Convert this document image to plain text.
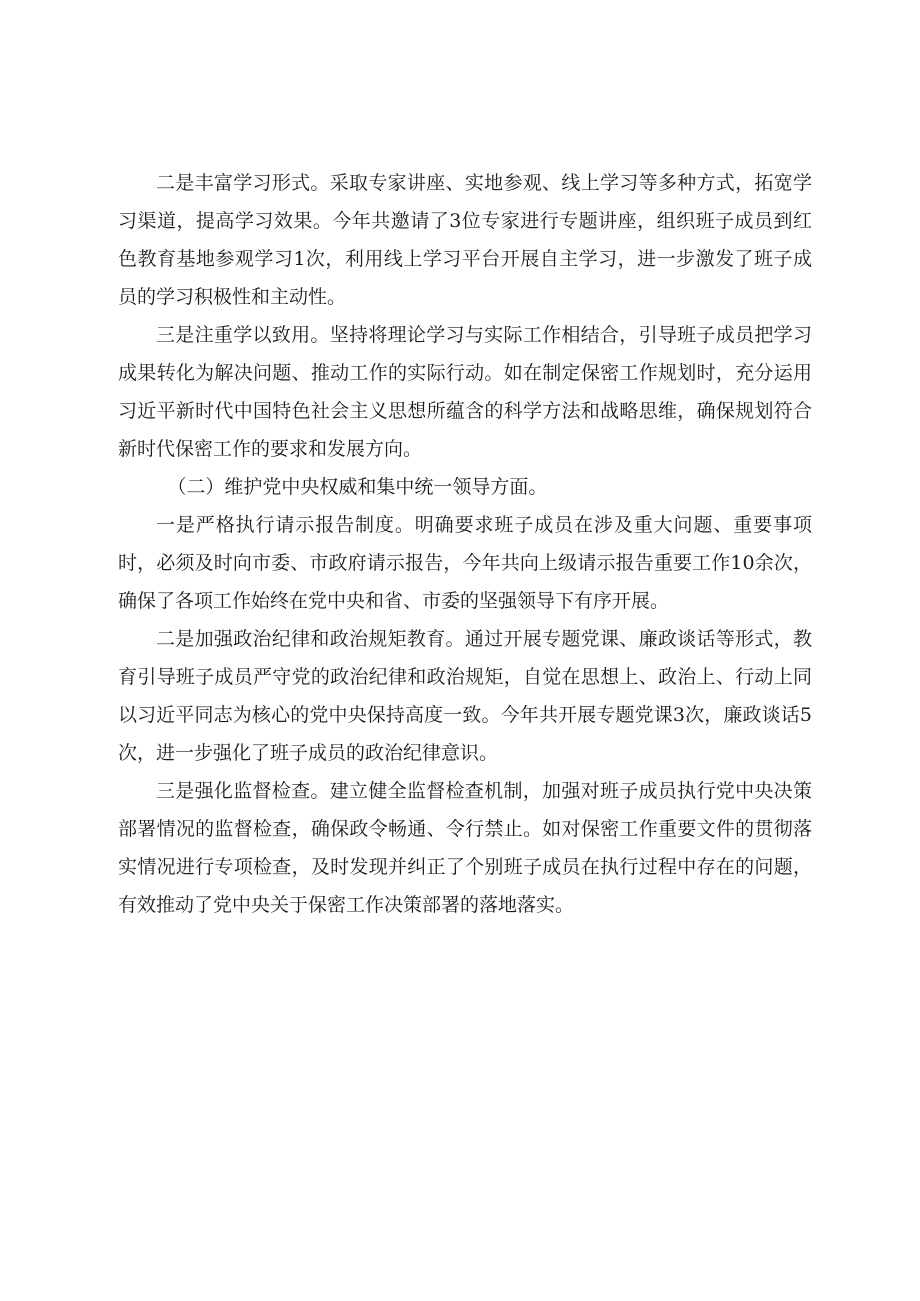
二是丰富学习形式。采取专家讲座、实地参观、线上学习等多种方式，拓宽学习渠道，提高学习效果。今年共邀请了3位专家进行专题讲座，组织班子成员到红色教育基地参观学习1次，利用线上学习平台开展自主学习，进一步激发了班子成员的学习积极性和主动性。

三是注重学以致用。坚持将理论学习与实际工作相结合，引导班子成员把学习成果转化为解决问题、推动工作的实际行动。如在制定保密工作规划时，充分运用习近平新时代中国特色社会主义思想所蕴含的科学方法和战略思维，确保规划符合新时代保密工作的要求和发展方向。

（二）维护党中央权威和集中统一领导方面。

一是严格执行请示报告制度。明确要求班子成员在涉及重大问题、重要事项时，必须及时向市委、市政府请示报告，今年共向上级请示报告重要工作10余次，确保了各项工作始终在党中央和省、市委的坚强领导下有序开展。

二是加强政治纪律和政治规矩教育。通过开展专题党课、廉政谈话等形式，教育引导班子成员严守党的政治纪律和政治规矩，自觉在思想上、政治上、行动上同以习近平同志为核心的党中央保持高度一致。今年共开展专题党课3次，廉政谈话5次，进一步强化了班子成员的政治纪律意识。

三是强化监督检查。建立健全监督检查机制，加强对班子成员执行党中央决策部署情况的监督检查，确保政令畅通、令行禁止。如对保密工作重要文件的贯彻落实情况进行专项检查，及时发现并纠正了个别班子成员在执行过程中存在的问题，有效推动了党中央关于保密工作决策部署的落地落实。
